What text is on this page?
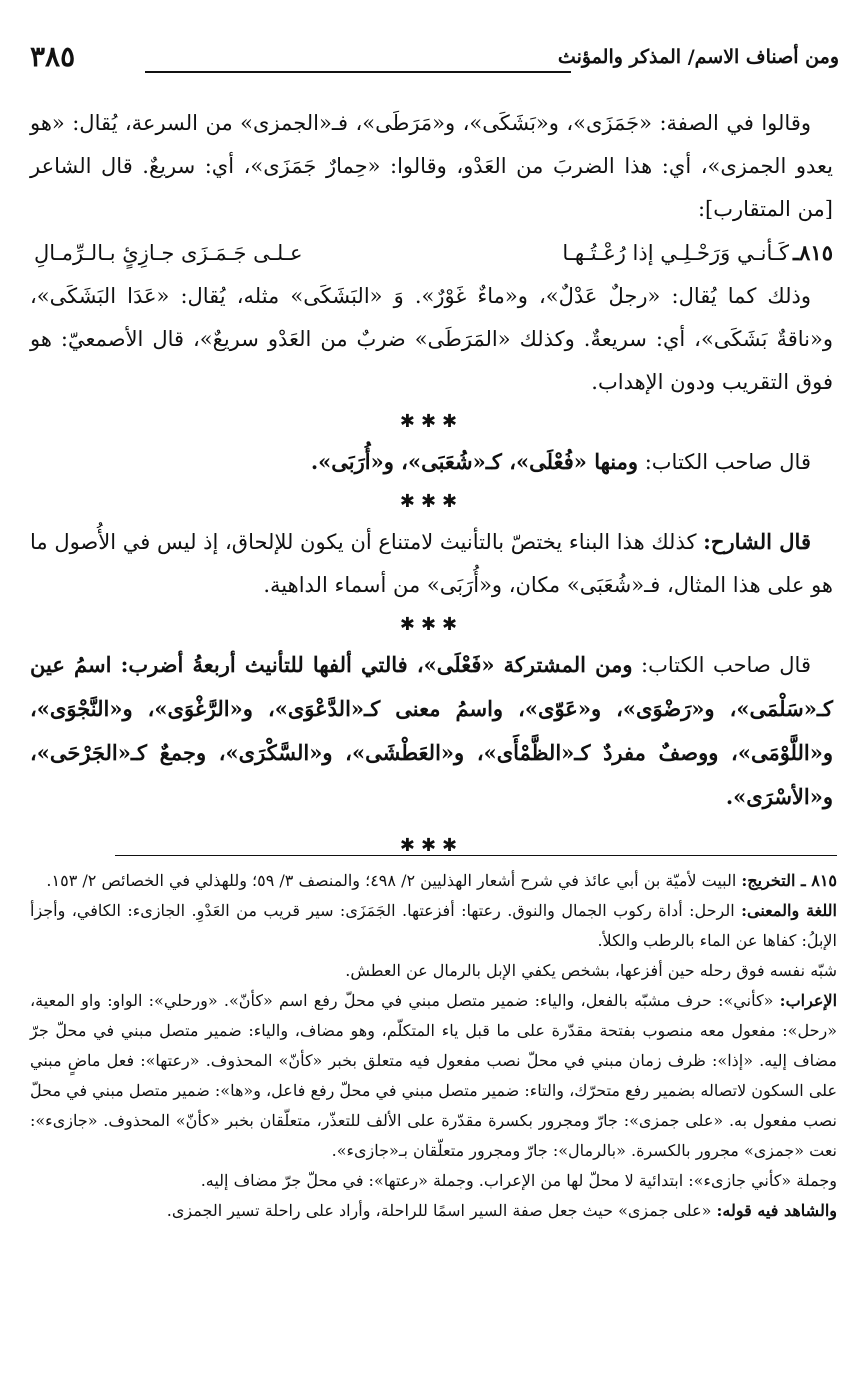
ومن أصناف الاسم/ المذكر والمؤنث
٣٨٥

وقالوا في الصفة: «جَمَزَى»، و«بَشَكَى»، و«مَرَطَى»، فـ«الجمزى» من السرعة، يُقال: «هو يعدو الجمزى»، أي: هذا الضربَ من العَدْو، وقالوا: «حِمارٌ جَمَزَى»، أي: سريعٌ. قال الشاعر [من المتقارب]:

٨١٥ـ
كَـأنـي وَرَحْـلِـي إذا رُعْـتُـهـا
عـلـى جَـمَـزَى جـازِئٍ بـالـرِّمـالِ

وذلك كما يُقال: «رجلٌ عَدْلٌ»، و«ماءٌ غَوْرٌ». وَ «البَشَكَى» مثله، يُقال: «عَدَا البَشَكَى»، و«ناقةٌ بَشَكَى»، أي: سريعةٌ. وكذلك «المَرَطَى» ضربٌ من العَدْو سريعٌ»، قال الأصمعيّ: هو فوق التقريب ودون الإهداب.

✱✱✱

قال صاحب الكتاب: ومنها «فُعْلَى»، كـ«شُعَبَى»، و«أُرَبَى».

✱✱✱

قال الشارح: كذلك هذا البناء يختصّ بالتأنيث لامتناع أن يكون للإلحاق، إذ ليس في الأُصول ما هو على هذا المثال، فـ«شُعَبَى» مكان، و«أُرَبَى» من أسماء الداهية.

✱✱✱

قال صاحب الكتاب: ومن المشتركة «فَعْلَى»، فالتي ألفها للتأنيث أربعةُ أضرب: اسمُ عين كـ«سَلْمَى»، و«رَضْوَى»، و«عَوّى»، واسمُ معنى كـ«الدَّعْوَى»، و«الرَّغْوَى»، و«النَّجْوَى»، و«اللَّوْمَى»، ووصفٌ مفردٌ كـ«الظَّمْأَى»، و«العَطْشَى»، و«السَّكْرَى»، وجمعٌ كـ«الجَرْحَى»، و«الأسْرَى».

✱✱✱

٨١٥ ـ التخريج: البيت لأميّة بن أبي عائذ في شرح أشعار الهذليين ٢/ ٤٩٨؛ والمنصف ٣/ ٥٩؛ وللهذلي في الخصائص ٢/ ١٥٣.

اللغة والمعنى: الرحل: أداة ركوب الجمال والنوق. رعتها: أفزعتها. الجَمَزَى: سير قريب من العَدْوِ. الجازىء: الكافي، وأجزأ الإبلُ: كفاها عن الماء بالرطب والكلأ.

شبّه نفسه فوق رحله حين أفزعها، بشخص يكفي الإبل بالرمال عن العطش.

الإعراب: «كأني»: حرف مشبّه بالفعل، والياء: ضمير متصل مبني في محلّ رفع اسم «كأنّ». «ورحلي»: الواو: واو المعية، «رحل»: مفعول معه منصوب بفتحة مقدّرة على ما قبل ياء المتكلّم، وهو مضاف، والياء: ضمير متصل مبني في محلّ جرّ مضاف إليه. «إذا»: ظرف زمان مبني في محلّ نصب مفعول فيه متعلق بخبر «كأنّ» المحذوف. «رعتها»: فعل ماضٍ مبني على السكون لاتصاله بضمير رفع متحرّك، والتاء: ضمير متصل مبني في محلّ رفع فاعل، و«ها»: ضمير متصل مبني في محلّ نصب مفعول به. «على جمزى»: جارّ ومجرور بكسرة مقدّرة على الألف للتعذّر، متعلّقان بخبر «كأنّ» المحذوف. «جازىء»: نعت «جمزى» مجرور بالكسرة. «بالرمال»: جارّ ومجرور متعلّقان بـ«جازىء».

وجملة «كأني جازىء»: ابتدائية لا محلّ لها من الإعراب. وجملة «رعتها»: في محلّ جرّ مضاف إليه.

والشاهد فيه قوله: «على جمزى» حيث جعل صفة السير اسمًا للراحلة، وأراد على راحلة تسير الجمزى.
